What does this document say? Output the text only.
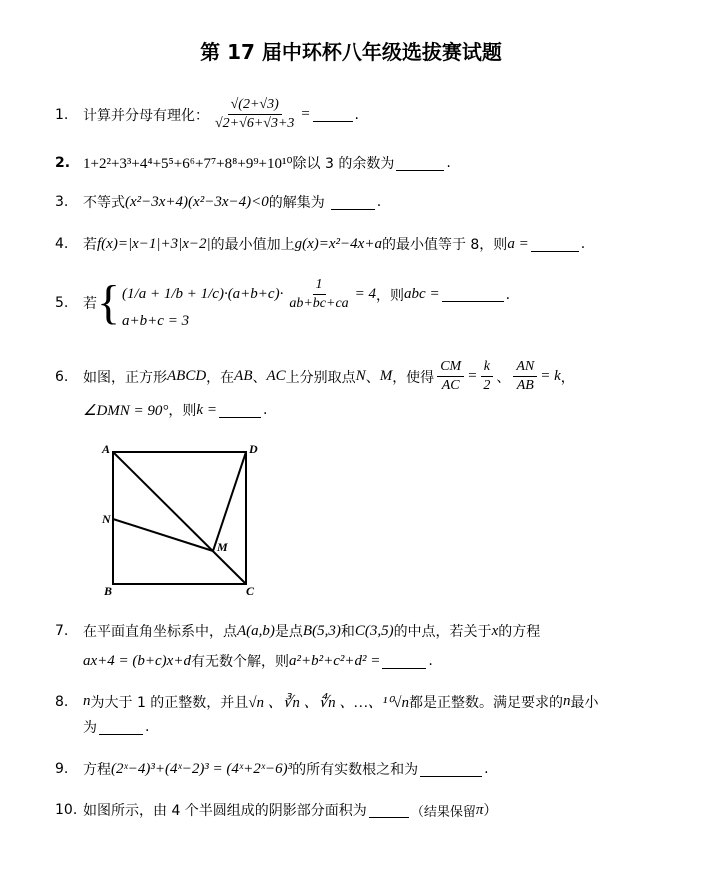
第 17 届中环杯八年级选拔赛试题
1.	计算并分母有理化： $\frac{√(2+√3)}{√2+√6+√3+3}$ =	.
2. 1+2²+3³+4⁴+5⁵+6⁶+7⁷+8⁸+9⁹+10¹⁰ 除以 3 的余数为	.
3.	不等式 (x²−3x+4)(x²−3x−4)<0 的解集为	.
4.	若 f(x)=|x−1|+3|x−2| 的最小值加上 g(x)=x²−4x+a 的最小值等于 8，则 a =	.
5.	若 { $(1/a + 1/b + 1/c)\cdot(a+b+c)\cdot \frac{1}{ab+bc+ca} = 4$ ，则 abc =	.
a+b+c = 3
6.	如图，正方形 ABCD ，在 AB 、 AC 上分别取点 N 、 M ，使得 $\frac{CM}{AC} = \frac{k}{2}$ 、 $\frac{AN}{AB} = k$ ，
∠DMN = 90° ，则 k =	.
A	D
N
M
B	C
7.	在平面直角坐标系中，点 A(a,b) 是点 B(5,3) 和 C(3,5) 的中点，若关于 x 的方程
ax+4 = (b+c)x+d 有无数个解，则 a²+b²+c²+d² =	.
8. n 为大于 1 的正整数，并且 √n 、∛n 、∜n 、…、¹⁰√n 都是正整数。满足要求的 n 最小
为	.
9.	方程 (2ˣ−4)³+(4ˣ−2)³ = (4ˣ+2ˣ−6)³ 的所有实数根之和为	.
10. 如图所示，由 4 个半圆组成的阴影部分面积为	（结果保留 π ）
